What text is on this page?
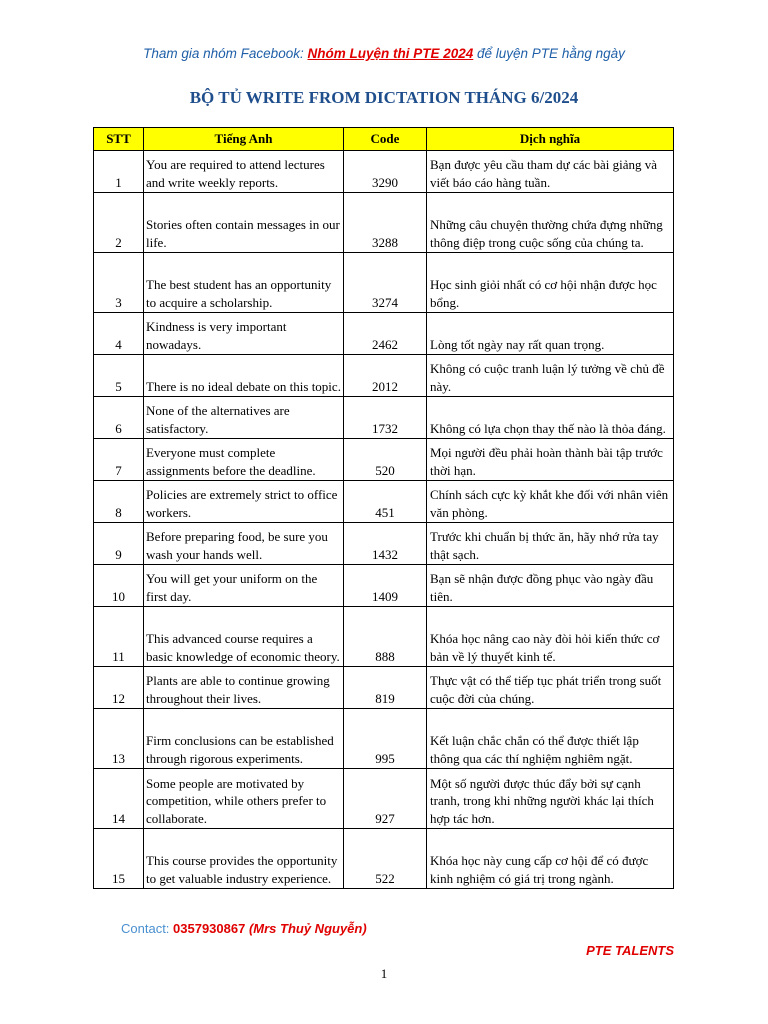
Tham gia nhóm Facebook: Nhóm Luyện thi PTE 2024 để luyện PTE hằng ngày
BỘ TỦ WRITE FROM DICTATION THÁNG 6/2024
STT	Tiếng Anh	Code	Dịch nghĩa
1	You are required to attend lectures and write weekly reports.	3290	Bạn được yêu cầu tham dự các bài giảng và viết báo cáo hàng tuần.
2	Stories often contain messages in our life.	3288	Những câu chuyện thường chứa đựng những thông điệp trong cuộc sống của chúng ta.
3	The best student has an opportunity to acquire a scholarship.	3274	Học sinh giỏi nhất có cơ hội nhận được học bổng.
4	Kindness is very important nowadays.	2462	Lòng tốt ngày nay rất quan trọng.
5	There is no ideal debate on this topic.	2012	Không có cuộc tranh luận lý tưởng về chủ đề này.
6	None of the alternatives are satisfactory.	1732	Không có lựa chọn thay thế nào là thỏa đáng.
7	Everyone must complete assignments before the deadline.	520	Mọi người đều phải hoàn thành bài tập trước thời hạn.
8	Policies are extremely strict to office workers.	451	Chính sách cực kỳ khắt khe đối với nhân viên văn phòng.
9	Before preparing food, be sure you wash your hands well.	1432	Trước khi chuẩn bị thức ăn, hãy nhớ rửa tay thật sạch.
10	You will get your uniform on the first day.	1409	Bạn sẽ nhận được đồng phục vào ngày đầu tiên.
11	This advanced course requires a basic knowledge of economic theory.	888	Khóa học nâng cao này đòi hỏi kiến thức cơ bản về lý thuyết kinh tế.
12	Plants are able to continue growing throughout their lives.	819	Thực vật có thể tiếp tục phát triển trong suốt cuộc đời của chúng.
13	Firm conclusions can be established through rigorous experiments.	995	Kết luận chắc chắn có thể được thiết lập thông qua các thí nghiệm nghiêm ngặt.
14	Some people are motivated by competition, while others prefer to collaborate.	927	Một số người được thúc đẩy bởi sự cạnh tranh, trong khi những người khác lại thích hợp tác hơn.
15	This course provides the opportunity to get valuable industry experience.	522	Khóa học này cung cấp cơ hội để có được kinh nghiệm có giá trị trong ngành.
Contact: 0357930867 (Mrs Thuỷ Nguyễn)
PTE TALENTS
1
